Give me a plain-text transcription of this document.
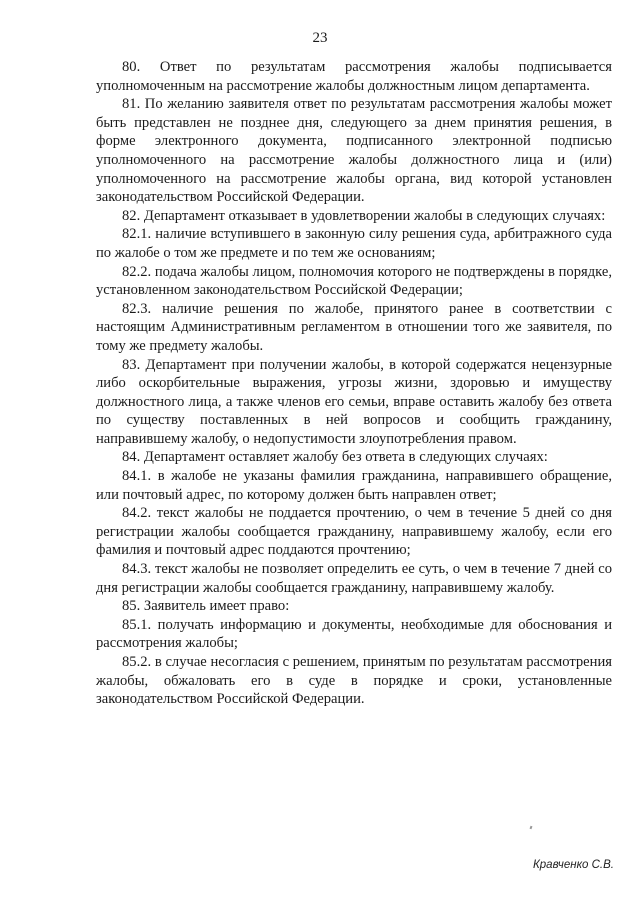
23

80. Ответ по результатам рассмотрения жалобы подписывается уполномоченным на рассмотрение жалобы должностным лицом департамента.

81. По желанию заявителя ответ по результатам рассмотрения жалобы может быть представлен не позднее дня, следующего за днем принятия решения, в форме электронного документа, подписанного электронной подписью уполномоченного на рассмотрение жалобы должностного лица и (или) уполномоченного на рассмотрение жалобы органа, вид которой установлен законодательством Российской Федерации.

82. Департамент отказывает в удовлетворении жалобы в следующих случаях:

82.1. наличие вступившего в законную силу решения суда, арбитражного суда по жалобе о том же предмете и по тем же основаниям;

82.2. подача жалобы лицом, полномочия которого не подтверждены в порядке, установленном законодательством Российской Федерации;

82.3. наличие решения по жалобе, принятого ранее в соответствии с настоящим Административным регламентом в отношении того же заявителя, по тому же предмету жалобы.

83. Департамент при получении жалобы, в которой содержатся нецензурные либо оскорбительные выражения, угрозы жизни, здоровью и имуществу должностного лица, а также членов его семьи, вправе оставить жалобу без ответа по существу поставленных в ней вопросов и сообщить гражданину, направившему жалобу, о недопустимости злоупотребления правом.

84. Департамент оставляет жалобу без ответа в следующих случаях:

84.1. в жалобе не указаны фамилия гражданина, направившего обращение, или почтовый адрес, по которому должен быть направлен ответ;

84.2. текст жалобы не поддается прочтению, о чем в течение 5 дней со дня регистрации жалобы сообщается гражданину, направившему жалобу, если его фамилия и почтовый адрес поддаются прочтению;

84.3. текст жалобы не позволяет определить ее суть, о чем в течение 7 дней со дня регистрации жалобы сообщается гражданину, направившему жалобу.

85. Заявитель имеет право:

85.1. получать информацию и документы, необходимые для обоснования и рассмотрения жалобы;

85.2. в случае несогласия с решением, принятым по результатам рассмотрения жалобы, обжаловать его в суде в порядке и сроки, установленные законодательством Российской Федерации.

Кравченко С.В.
